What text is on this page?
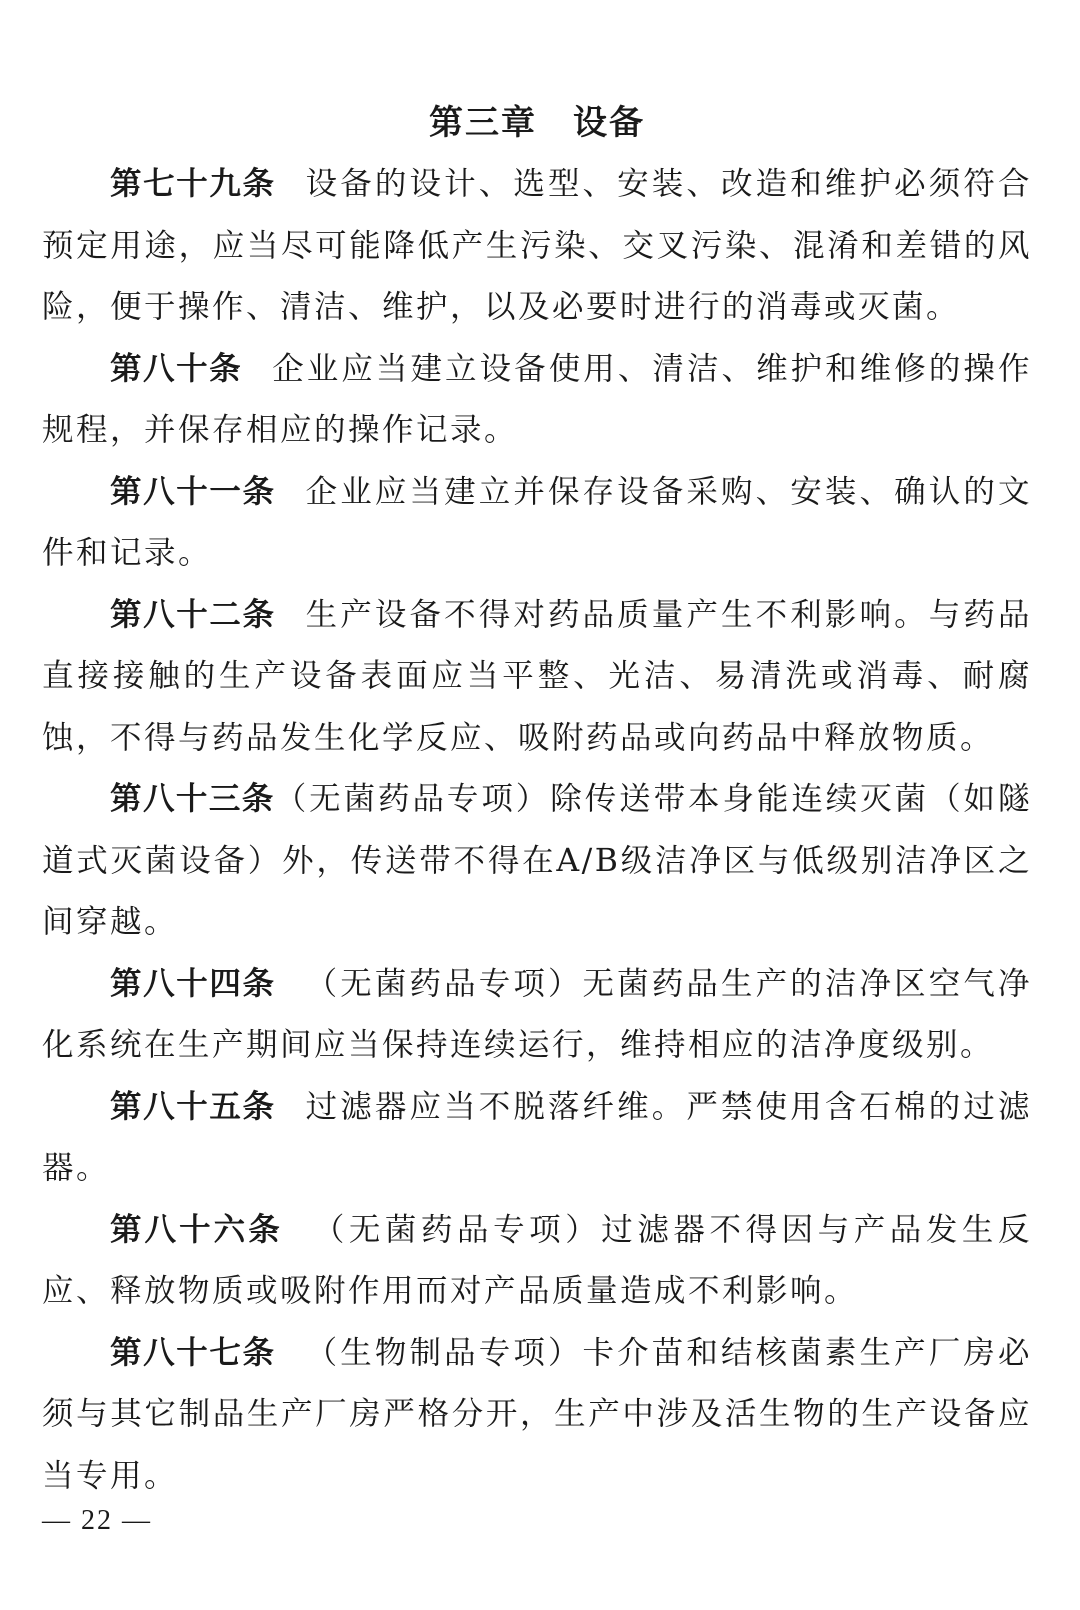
第三章　设备

第七十九条 设备的设计、选型、安装、改造和维护必须符合预定用途，应当尽可能降低产生污染、交叉污染、混淆和差错的风险，便于操作、清洁、维护，以及必要时进行的消毒或灭菌。

第八十条 企业应当建立设备使用、清洁、维护和维修的操作规程，并保存相应的操作记录。

第八十一条 企业应当建立并保存设备采购、安装、确认的文件和记录。

第八十二条 生产设备不得对药品质量产生不利影响。与药品直接接触的生产设备表面应当平整、光洁、易清洗或消毒、耐腐蚀，不得与药品发生化学反应、吸附药品或向药品中释放物质。

第八十三条（无菌药品专项）除传送带本身能连续灭菌（如隧道式灭菌设备）外，传送带不得在A/B级洁净区与低级别洁净区之间穿越。

第八十四条 （无菌药品专项）无菌药品生产的洁净区空气净化系统在生产期间应当保持连续运行，维持相应的洁净度级别。

第八十五条 过滤器应当不脱落纤维。严禁使用含石棉的过滤器。

第八十六条 （无菌药品专项）过滤器不得因与产品发生反应、释放物质或吸附作用而对产品质量造成不利影响。

第八十七条 （生物制品专项）卡介苗和结核菌素生产厂房必须与其它制品生产厂房严格分开，生产中涉及活生物的生产设备应当专用。

— 22 —
